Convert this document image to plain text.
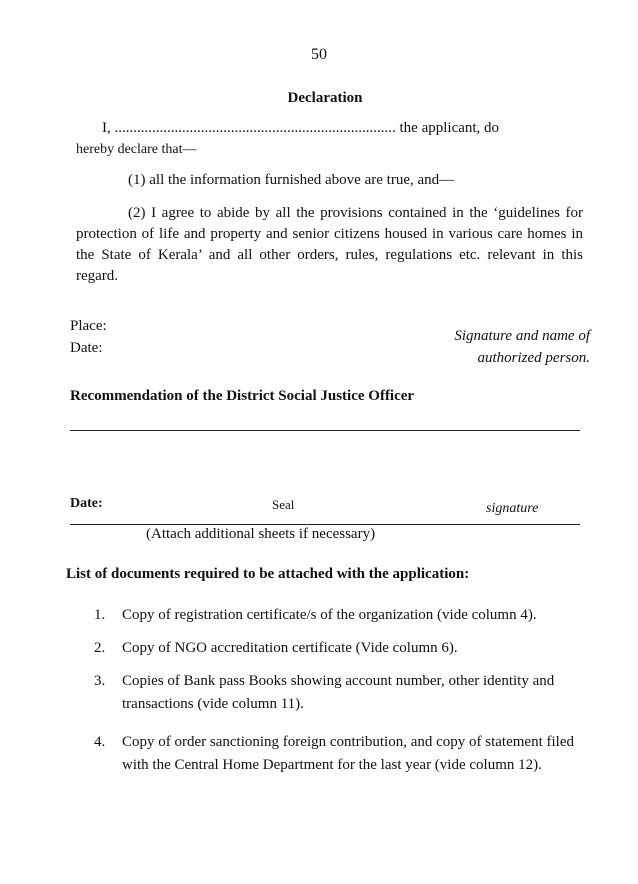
50
Declaration
I, ........................................................................... the applicant, do
hereby declare that—
(1) all the information furnished above are true, and—
(2) I agree to abide by all the provisions contained in the ‘guidelines for protection of life and property and senior citizens housed in various care homes in the State of Kerala’ and all other orders, rules, regulations etc. relevant in this regard.
Place:
Date:
Signature and name of
authorized person.
Recommendation of the District Social Justice Officer
Date:	Seal	signature
(Attach additional sheets if necessary)
List of documents required to be attached with the application:
1. Copy of registration certificate/s of the organization (vide column 4).
2. Copy of NGO accreditation certificate (Vide column 6).
3. Copies of Bank pass Books showing account number, other identity and transactions (vide column 11).
4. Copy of order sanctioning foreign contribution, and copy of statement filed with the Central Home Department for the last year (vide column 12).
